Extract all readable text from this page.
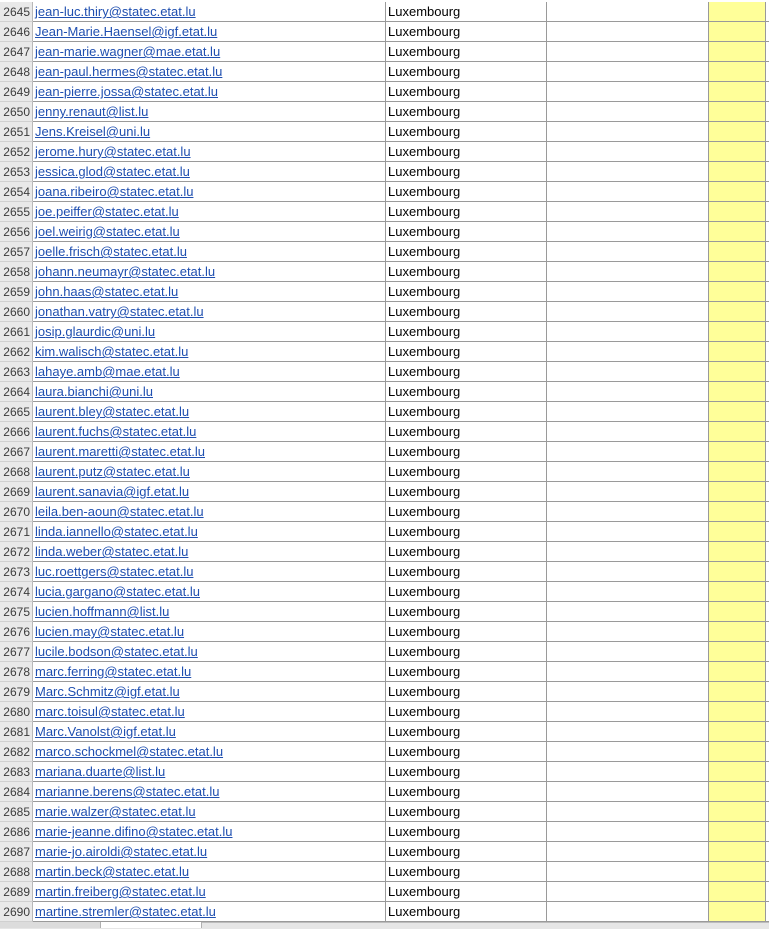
2645 jean-luc.thiry@statec.etat.lu	Luxembourg
2646 Jean-Marie.Haensel@igf.etat.lu	Luxembourg
2647 jean-marie.wagner@mae.etat.lu	Luxembourg
2648 jean-paul.hermes@statec.etat.lu	Luxembourg
2649 jean-pierre.jossa@statec.etat.lu	Luxembourg
2650 jenny.renaut@list.lu	Luxembourg
2651 Jens.Kreisel@uni.lu	Luxembourg
2652 jerome.hury@statec.etat.lu	Luxembourg
2653 jessica.glod@statec.etat.lu	Luxembourg
2654 joana.ribeiro@statec.etat.lu	Luxembourg
2655 joe.peiffer@statec.etat.lu	Luxembourg
2656 joel.weirig@statec.etat.lu	Luxembourg
2657 joelle.frisch@statec.etat.lu	Luxembourg
2658 johann.neumayr@statec.etat.lu	Luxembourg
2659 john.haas@statec.etat.lu	Luxembourg
2660 jonathan.vatry@statec.etat.lu	Luxembourg
2661 josip.glaurdic@uni.lu	Luxembourg
2662 kim.walisch@statec.etat.lu	Luxembourg
2663 lahaye.amb@mae.etat.lu	Luxembourg
2664 laura.bianchi@uni.lu	Luxembourg
2665 laurent.bley@statec.etat.lu	Luxembourg
2666 laurent.fuchs@statec.etat.lu	Luxembourg
2667 laurent.maretti@statec.etat.lu	Luxembourg
2668 laurent.putz@statec.etat.lu	Luxembourg
2669 laurent.sanavia@igf.etat.lu	Luxembourg
2670 leila.ben-aoun@statec.etat.lu	Luxembourg
2671 linda.iannello@statec.etat.lu	Luxembourg
2672 linda.weber@statec.etat.lu	Luxembourg
2673 luc.roettgers@statec.etat.lu	Luxembourg
2674 lucia.gargano@statec.etat.lu	Luxembourg
2675 lucien.hoffmann@list.lu	Luxembourg
2676 lucien.may@statec.etat.lu	Luxembourg
2677 lucile.bodson@statec.etat.lu	Luxembourg
2678 marc.ferring@statec.etat.lu	Luxembourg
2679 Marc.Schmitz@igf.etat.lu	Luxembourg
2680 marc.toisul@statec.etat.lu	Luxembourg
2681 Marc.Vanolst@igf.etat.lu	Luxembourg
2682 marco.schockmel@statec.etat.lu	Luxembourg
2683 mariana.duarte@list.lu	Luxembourg
2684 marianne.berens@statec.etat.lu	Luxembourg
2685 marie.walzer@statec.etat.lu	Luxembourg
2686 marie-jeanne.difino@statec.etat.lu	Luxembourg
2687 marie-jo.airoldi@statec.etat.lu	Luxembourg
2688 martin.beck@statec.etat.lu	Luxembourg
2689 martin.freiberg@statec.etat.lu	Luxembourg
2690 martine.stremler@statec.etat.lu	Luxembourg
